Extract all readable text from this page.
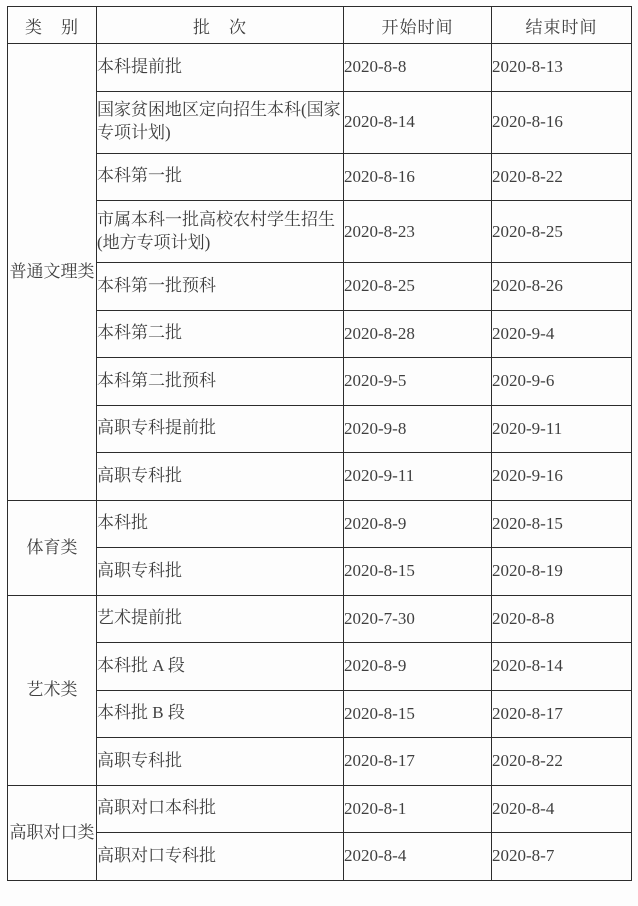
类　别	批　次	开始时间	结束时间
普通文理类	本科提前批	2020-8-8	2020-8-13
	国家贫困地区定向招生本科(国家专项计划)	2020-8-14	2020-8-16
	本科第一批	2020-8-16	2020-8-22
	市属本科一批高校农村学生招生(地方专项计划)	2020-8-23	2020-8-25
	本科第一批预科	2020-8-25	2020-8-26
	本科第二批	2020-8-28	2020-9-4
	本科第二批预科	2020-9-5	2020-9-6
	高职专科提前批	2020-9-8	2020-9-11
	高职专科批	2020-9-11	2020-9-16
体育类	本科批	2020-8-9	2020-8-15
	高职专科批	2020-8-15	2020-8-19
艺术类	艺术提前批	2020-7-30	2020-8-8
	本科批 A 段	2020-8-9	2020-8-14
	本科批 B 段	2020-8-15	2020-8-17
	高职专科批	2020-8-17	2020-8-22
高职对口类	高职对口本科批	2020-8-1	2020-8-4
	高职对口专科批	2020-8-4	2020-8-7
